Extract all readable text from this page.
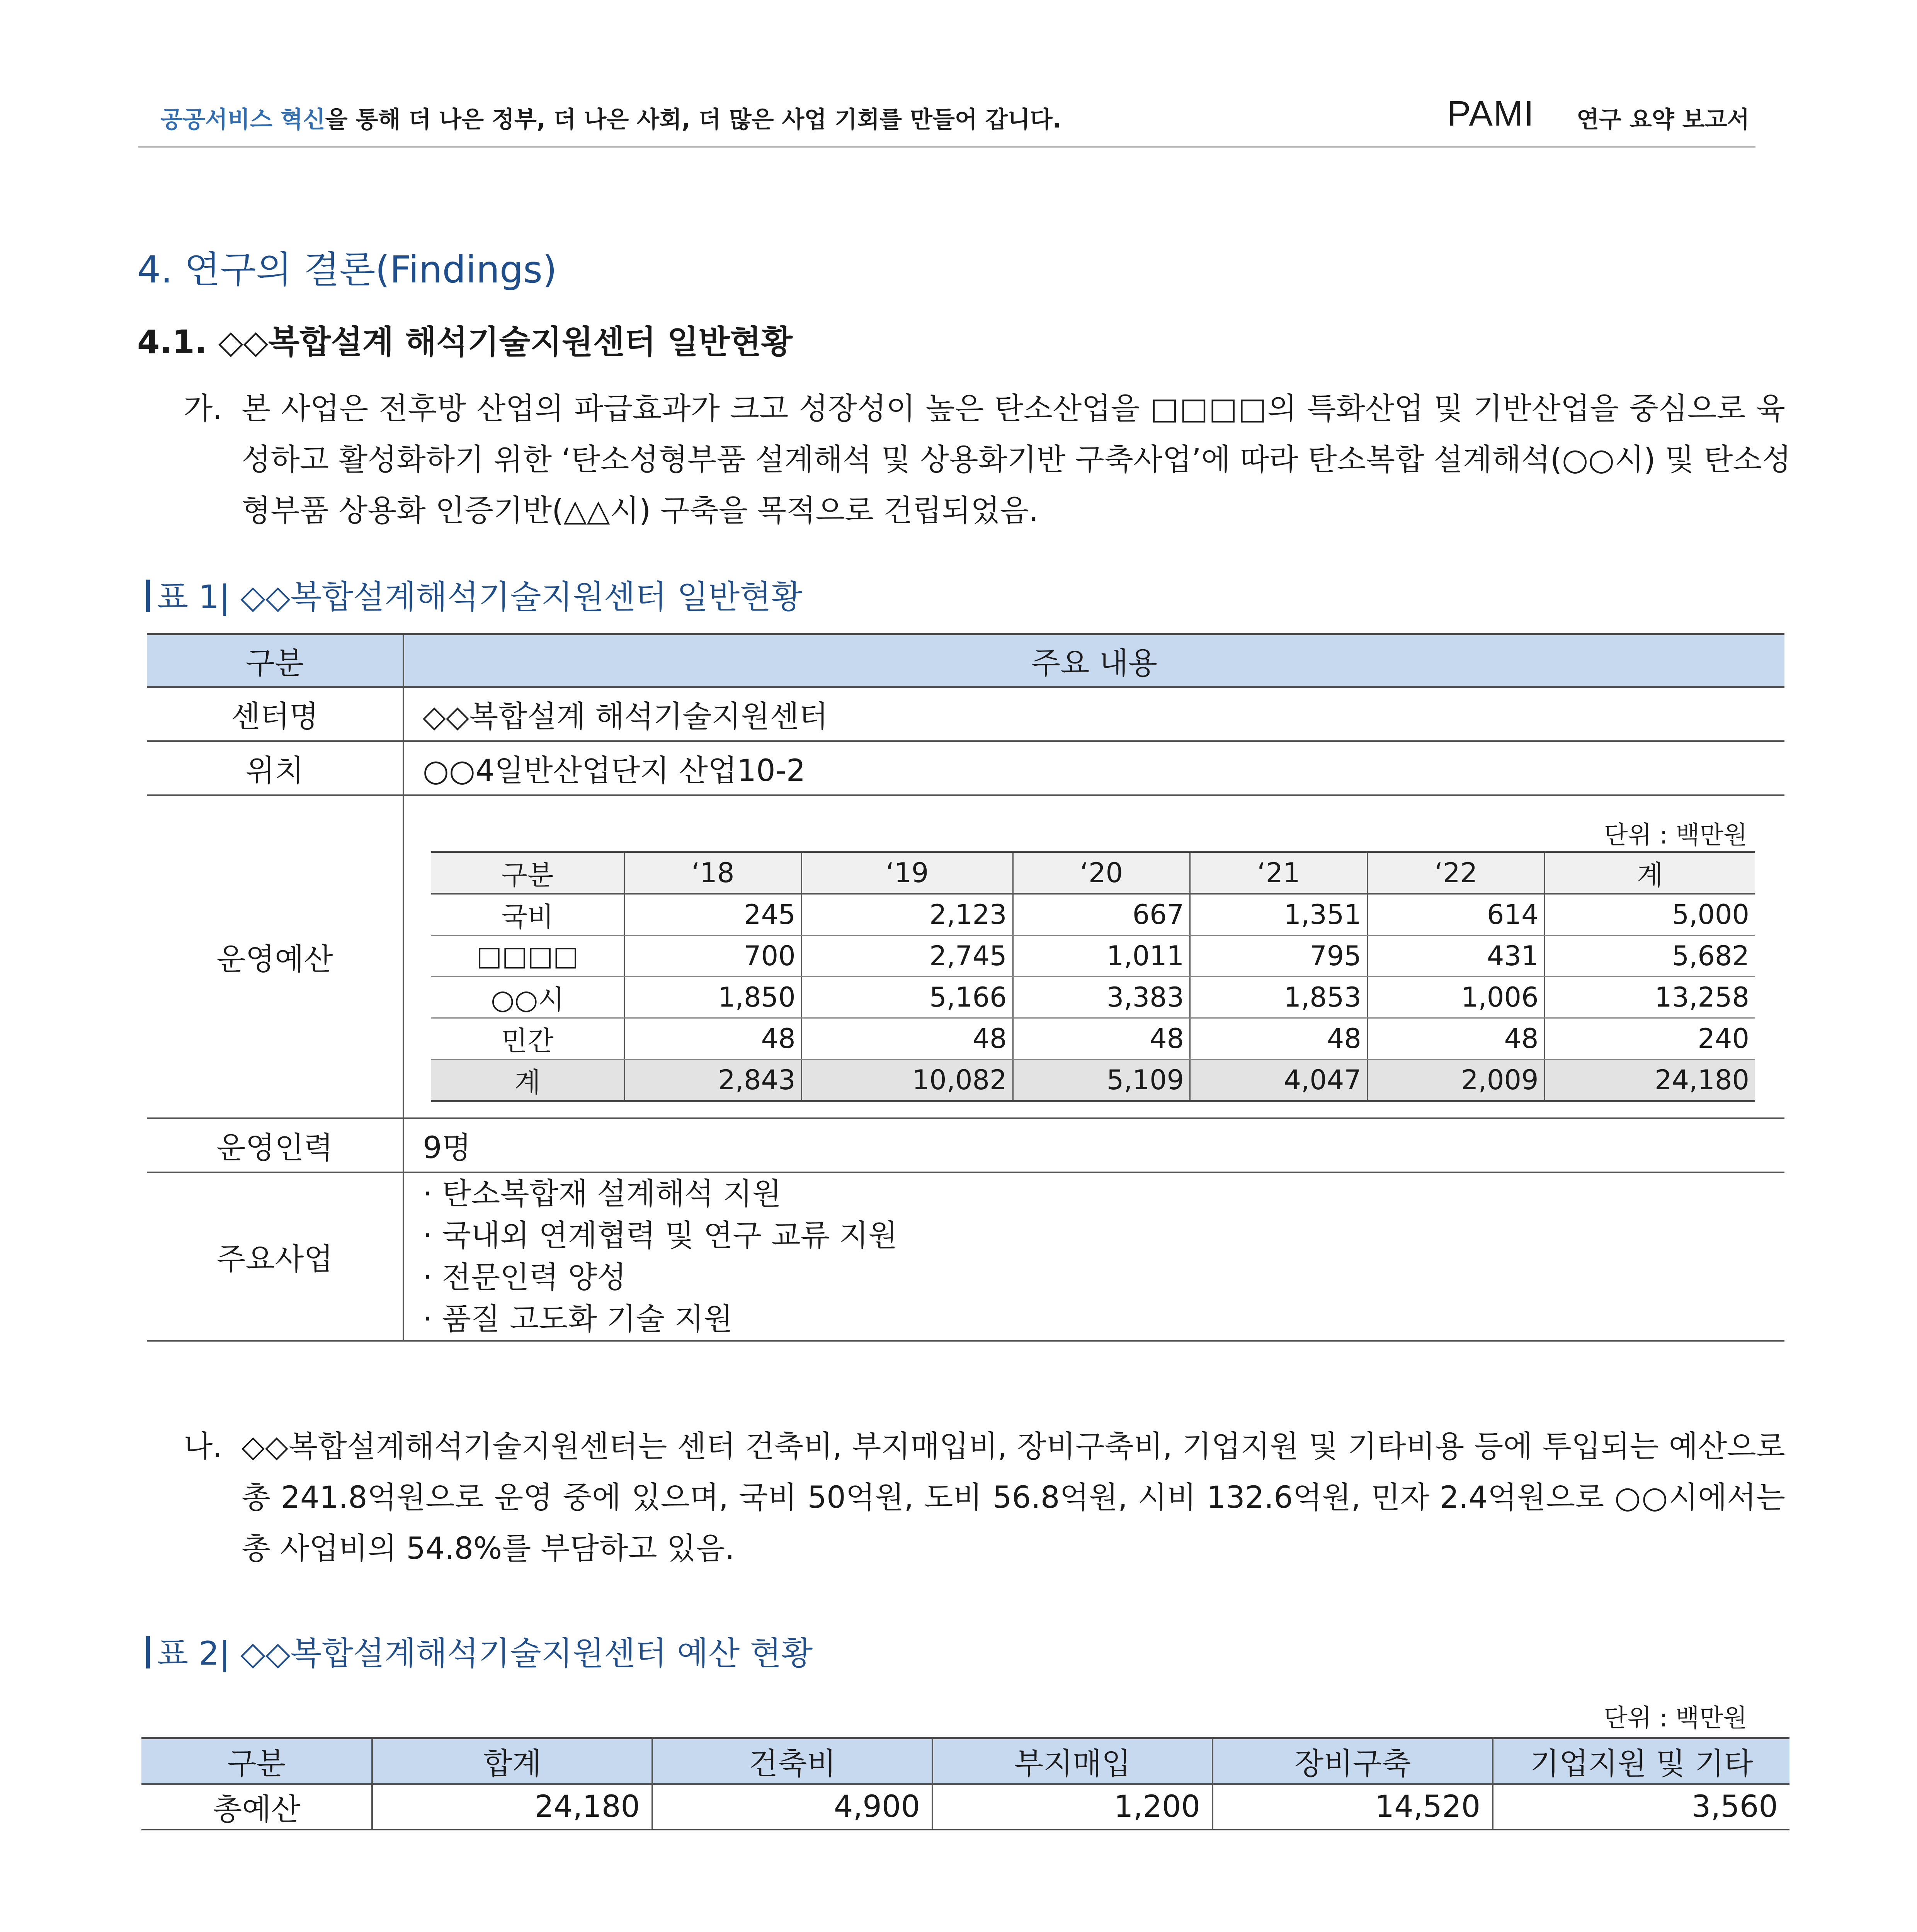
공공서비스 혁신을 통해 더 나은 정부, 더 나은 사회, 더 많은 사업 기회를 만들어 갑니다.	PAMI 연구 요약 보고서
4. 연구의 결론(Findings)
4.1. ◇◇복합설계 해석기술지원센터 일반현황
가. 본 사업은 전후방 산업의 파급효과가 크고 성장성이 높은 탄소산업을 □□□□의 특화산업 및 기반산업을 중심으로 육
성하고 활성화하기 위한 ‘탄소성형부품 설계해석 및 상용화기반 구축사업’에 따라 탄소복합 설계해석(○○시) 및 탄소성
형부품 상용화 인증기반(△△시) 구축을 목적으로 건립되었음.
표 1| ◇◇복합설계해석기술지원센터 일반현황
구분	주요 내용
센터명	◇◇복합설계 해석기술지원센터
위치	○○4일반산업단지 산업10-2
운영예산	
단위 : 백만원
구분	‘18	‘19	‘20	‘21	‘22	계
국비	245	2,123	667	1,351	614	5,000
□□□□	700	2,745	1,011	795	431	5,682
○○시	1,850	5,166	3,383	1,853	1,006	13,258
민간	48	48	48	48	48	240
계	2,843	10,082	5,109	4,047	2,009	24,180

운영인력	9명
주요사업	
· 탄소복합재 설계해석 지원
· 국내외 연계협력 및 연구 교류 지원
· 전문인력 양성
· 품질 고도화 기술 지원
나. ◇◇복합설계해석기술지원센터는 센터 건축비, 부지매입비, 장비구축비, 기업지원 및 기타비용 등에 투입되는 예산으로
총 241.8억원으로 운영 중에 있으며, 국비 50억원, 도비 56.8억원, 시비 132.6억원, 민자 2.4억원으로 ○○시에서는
총 사업비의 54.8%를 부담하고 있음.
표 2| ◇◇복합설계해석기술지원센터 예산 현황
단위 : 백만원
구분	합계	건축비	부지매입	장비구축	기업지원 및 기타
총예산	24,180	4,900	1,200	14,520	3,560
